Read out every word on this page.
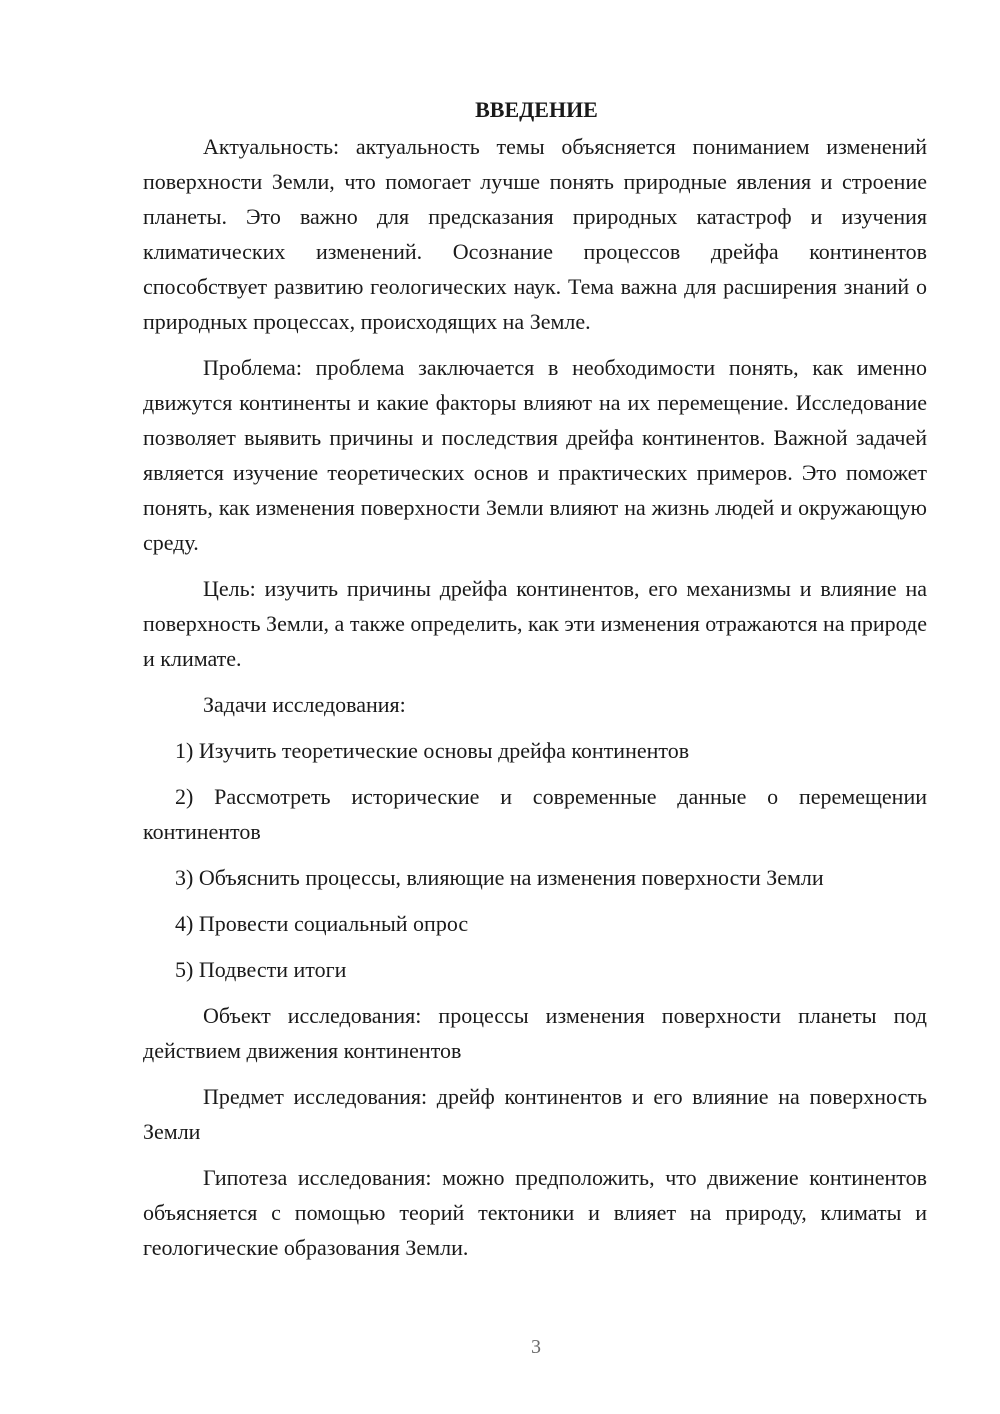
ВВЕДЕНИЕ

Актуальность: актуальность темы объясняется пониманием изменений поверхности Земли, что помогает лучше понять природные явления и строение планеты. Это важно для предсказания природных катастроф и изучения климатических изменений. Осознание процессов дрейфа континентов способствует развитию геологических наук. Тема важна для расширения знаний о природных процессах, происходящих на Земле.

Проблема: проблема заключается в необходимости понять, как именно движутся континенты и какие факторы влияют на их перемещение. Исследование позволяет выявить причины и последствия дрейфа континентов. Важной задачей является изучение теоретических основ и практических примеров. Это поможет понять, как изменения поверхности Земли влияют на жизнь людей и окружающую среду.

Цель: изучить причины дрейфа континентов, его механизмы и влияние на поверхность Земли, а также определить, как эти изменения отражаются на природе и климате.

Задачи исследования:

1) Изучить теоретические основы дрейфа континентов

2) Рассмотреть исторические и современные данные о перемещении континентов

3) Объяснить процессы, влияющие на изменения поверхности Земли

4) Провести социальный опрос

5) Подвести итоги

Объект исследования: процессы изменения поверхности планеты под действием движения континентов

Предмет исследования: дрейф континентов и его влияние на поверхность Земли

Гипотеза исследования: можно предположить, что движение континентов объясняется с помощью теорий тектоники и влияет на природу, климаты и геологические образования Земли.

3
